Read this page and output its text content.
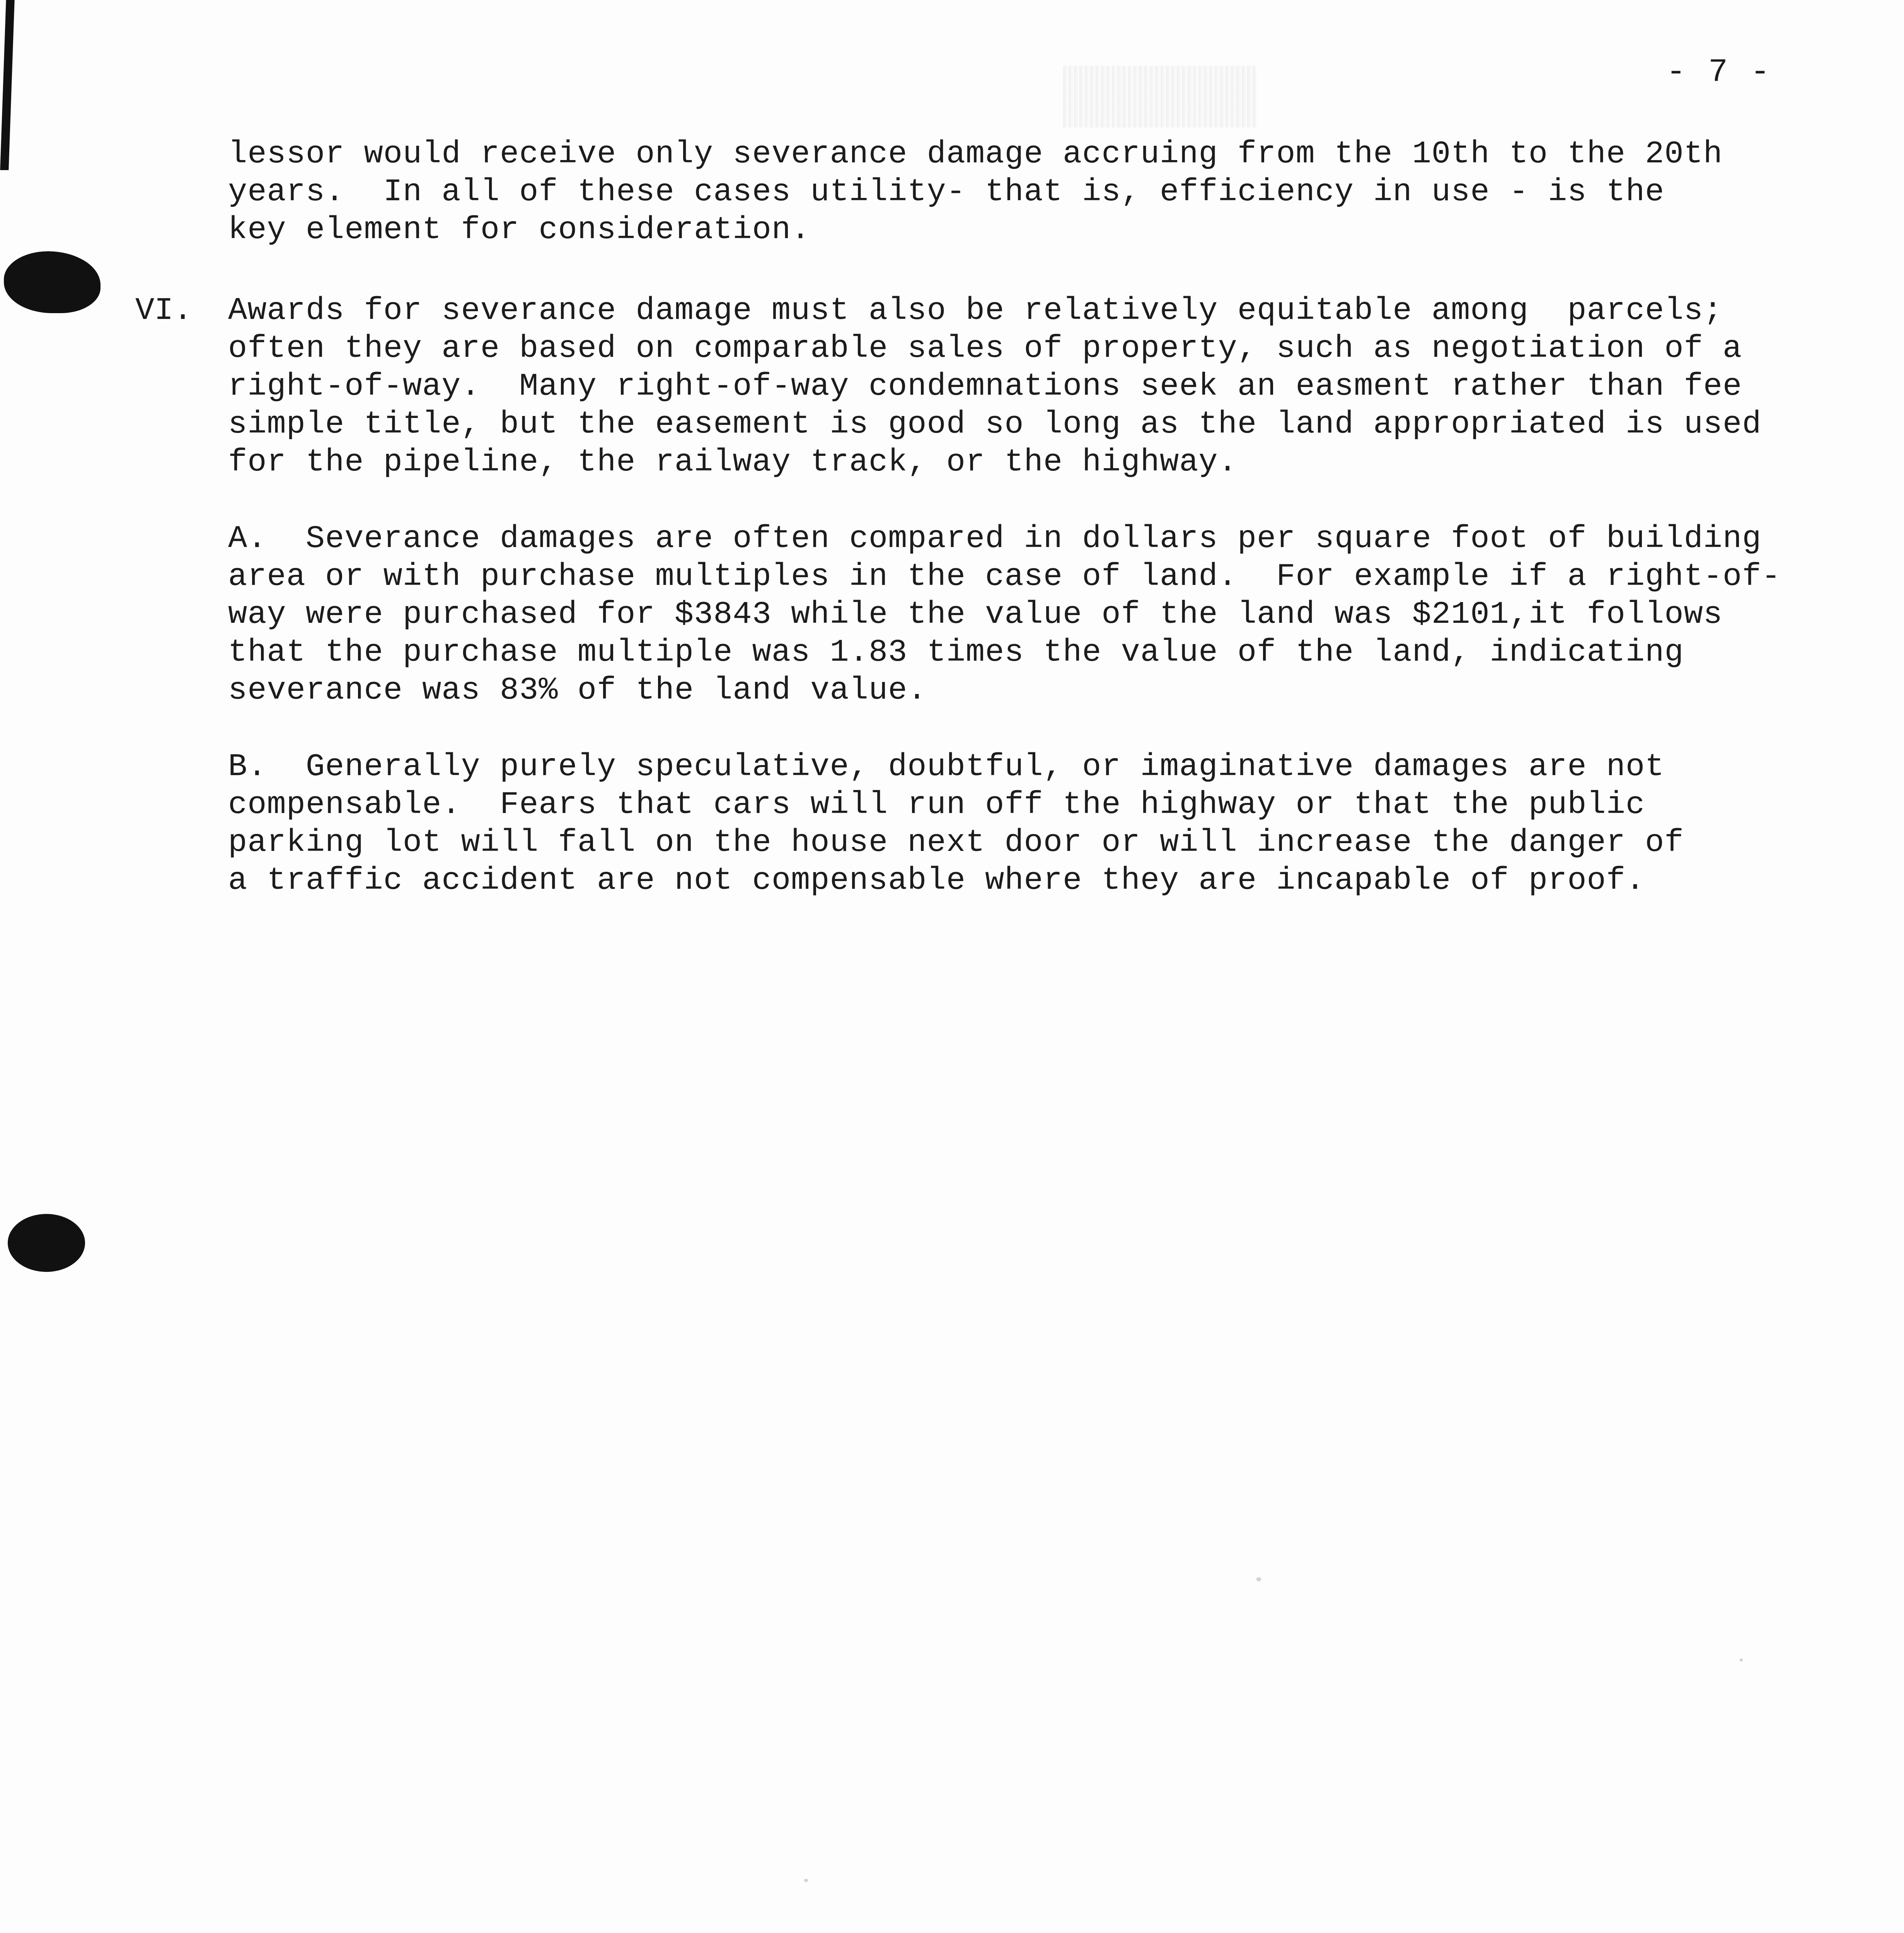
- 7 -
lessor would receive only severance damage accruing from the 10th to the 20th
years.  In all of these cases utility- that is, efficiency in use - is the
key element for consideration.
VI. Awards for severance damage must also be relatively equitable among  parcels;
often they are based on comparable sales of property, such as negotiation of a
right-of-way.  Many right-of-way condemnations seek an easment rather than fee
simple title, but the easement is good so long as the land appropriated is used
for the pipeline, the railway track, or the highway.
A.  Severance damages are often compared in dollars per square foot of building
area or with purchase multiples in the case of land.  For example if a right-of-
way were purchased for $3843 while the value of the land was $2101,it follows
that the purchase multiple was 1.83 times the value of the land, indicating
severance was 83% of the land value.
B.  Generally purely speculative, doubtful, or imaginative damages are not
compensable.  Fears that cars will run off the highway or that the public
parking lot will fall on the house next door or will increase the danger of
a traffic accident are not compensable where they are incapable of proof.
